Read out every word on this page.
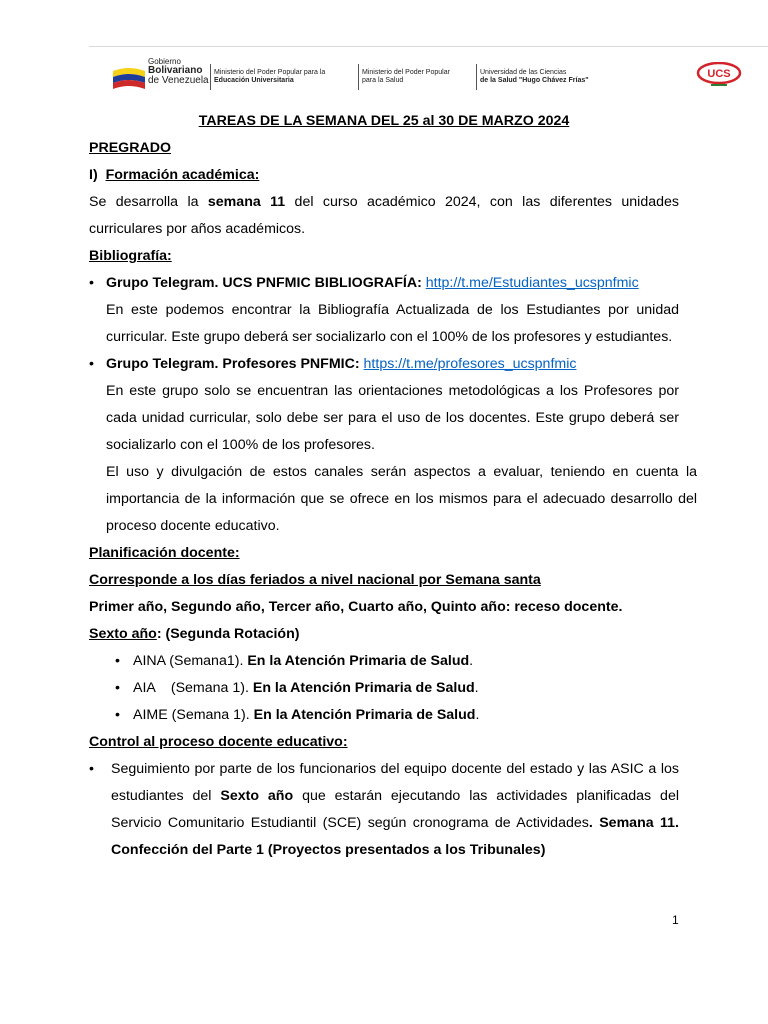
Gobierno
Bolivariano
de Venezuela
Ministerio del Poder Popular para la
Educación Universitaria
Ministerio del Poder Popular
para la Salud
Universidad de las Ciencias
de la Salud "Hugo Chávez Frías"
UCS
TAREAS DE LA SEMANA DEL 25 al 30 DE MARZO 2024
PREGRADO
I) Formación académica:
Se desarrolla la semana 11 del curso académico 2024, con las diferentes unidades curriculares por años académicos.
Bibliografía:
• Grupo Telegram. UCS PNFMIC BIBLIOGRAFÍA: http://t.me/Estudiantes_ucspnfmic
En este podemos encontrar la Bibliografía Actualizada de los Estudiantes por unidad curricular. Este grupo deberá ser socializarlo con el 100% de los profesores y estudiantes.
• Grupo Telegram. Profesores PNFMIC: https://t.me/profesores_ucspnfmic
En este grupo solo se encuentran las orientaciones metodológicas a los Profesores por cada unidad curricular, solo debe ser para el uso de los docentes. Este grupo deberá ser socializarlo con el 100% de los profesores.
El uso y divulgación de estos canales serán aspectos a evaluar, teniendo en cuenta la importancia de la información que se ofrece en los mismos para el adecuado desarrollo del proceso docente educativo.
Planificación docente:
Corresponde a los días feriados a nivel nacional por Semana santa
Primer año, Segundo año, Tercer año, Cuarto año, Quinto año: receso docente.
Sexto año: (Segunda Rotación)
• AINA (Semana1). En la Atención Primaria de Salud.
• AIA    (Semana 1). En la Atención Primaria de Salud.
• AIME (Semana 1). En la Atención Primaria de Salud.
Control al proceso docente educativo:
• Seguimiento por parte de los funcionarios del equipo docente del estado y las ASIC a los estudiantes del Sexto año que estarán ejecutando las actividades planificadas del Servicio Comunitario Estudiantil (SCE) según cronograma de Actividades. Semana 11. Confección del Parte 1 (Proyectos presentados a los Tribunales)
1
